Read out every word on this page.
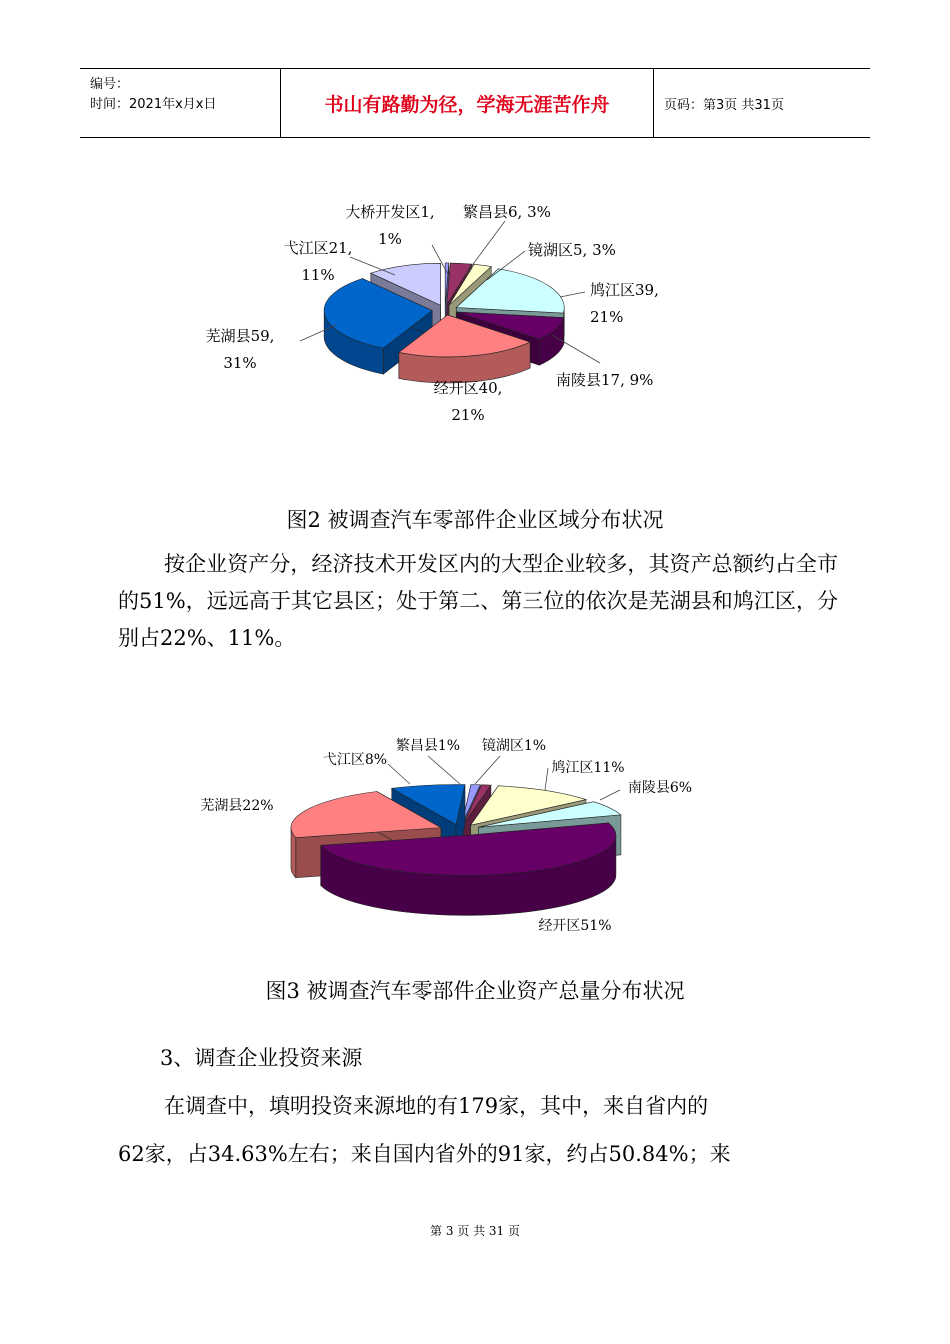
编号：
时间：2021年x月x日	书山有路勤为径，学海无涯苦作舟	页码：第3页 共31页
大桥开发区1,
1%
繁昌县6, 3%
镜湖区5, 3%
鸠江区39,
21%
南陵县17, 9%
经开区40,
21%
芜湖县59,
31%
弋江区21,
11%
图2 被调查汽车零部件企业区域分布状况
按企业资产分，经济技术开发区内的大型企业较多，其资产总额约占全市的51%，远远高于其它县区；处于第二、第三位的依次是芜湖县和鸠江区，分别占22%、11%。
繁昌县1% 镜湖区1%
鸠江区11%
南陵县6%
经开区51%
芜湖县22%
弋江区8%
图3 被调查汽车零部件企业资产总量分布状况
3、调查企业投资来源
在调查中，填明投资来源地的有179家，其中，来自省内的
62家，占34.63%左右；来自国内省外的91家，约占50.84%；来
第 3 页 共 31 页
